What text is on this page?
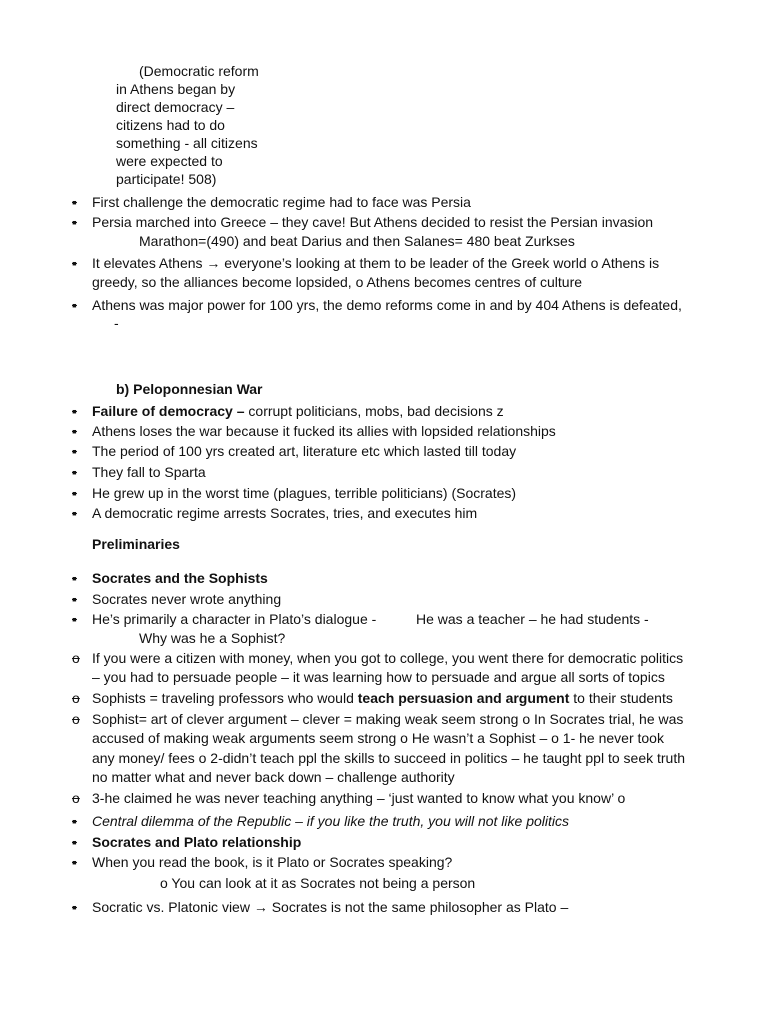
(Democratic reform
in Athens began by
direct democracy –
citizens had to do
something - all citizens
were expected to
participate! 508)
▪ First challenge the democratic regime had to face was Persia
▪ Persia marched into Greece – they cave! But Athens decided to resist the Persian invasion
Marathon=(490) and beat Darius and then Salanes= 480 beat Zurkses
▪ It elevates Athens → everyone’s looking at them to be leader of the Greek world o Athens is
greedy, so the alliances become lopsided, o Athens becomes centres of culture
▪ Athens was major power for 100 yrs, the demo reforms come in and by 404 Athens is defeated,
-
b) Peloponnesian War
▪ Failure of democracy – corrupt politicians, mobs, bad decisions z
▪ Athens loses the war because it fucked its allies with lopsided relationships
▪ The period of 100 yrs created art, literature etc which lasted till today
▪ They fall to Sparta
▪ He grew up in the worst time (plagues, terrible politicians) (Socrates)
▪ A democratic regime arrests Socrates, tries, and executes him
Preliminaries
▪ Socrates and the Sophists
▪ Socrates never wrote anything
▪ He’s primarily a character in Plato’s dialogue -	He was a teacher – he had students -
Why was he a Sophist?
o If you were a citizen with money, when you got to college, you went there for democratic politics
– you had to persuade people – it was learning how to persuade and argue all sorts of topics
o Sophists = traveling professors who would teach persuasion and argument to their students
o Sophist= art of clever argument – clever = making weak seem strong o In Socrates trial, he was
accused of making weak arguments seem strong o He wasn’t a Sophist – o 1- he never took
any money/ fees o 2-didn’t teach ppl the skills to succeed in politics – he taught ppl to seek truth
no matter what and never back down – challenge authority
o 3-he claimed he was never teaching anything – ‘just wanted to know what you know’ o
▪ Central dilemma of the Republic – if you like the truth, you will not like politics
▪ Socrates and Plato relationship
▪ When you read the book, is it Plato or Socrates speaking?
o You can look at it as Socrates not being a person
▪ Socratic vs. Platonic view → Socrates is not the same philosopher as Plato –
